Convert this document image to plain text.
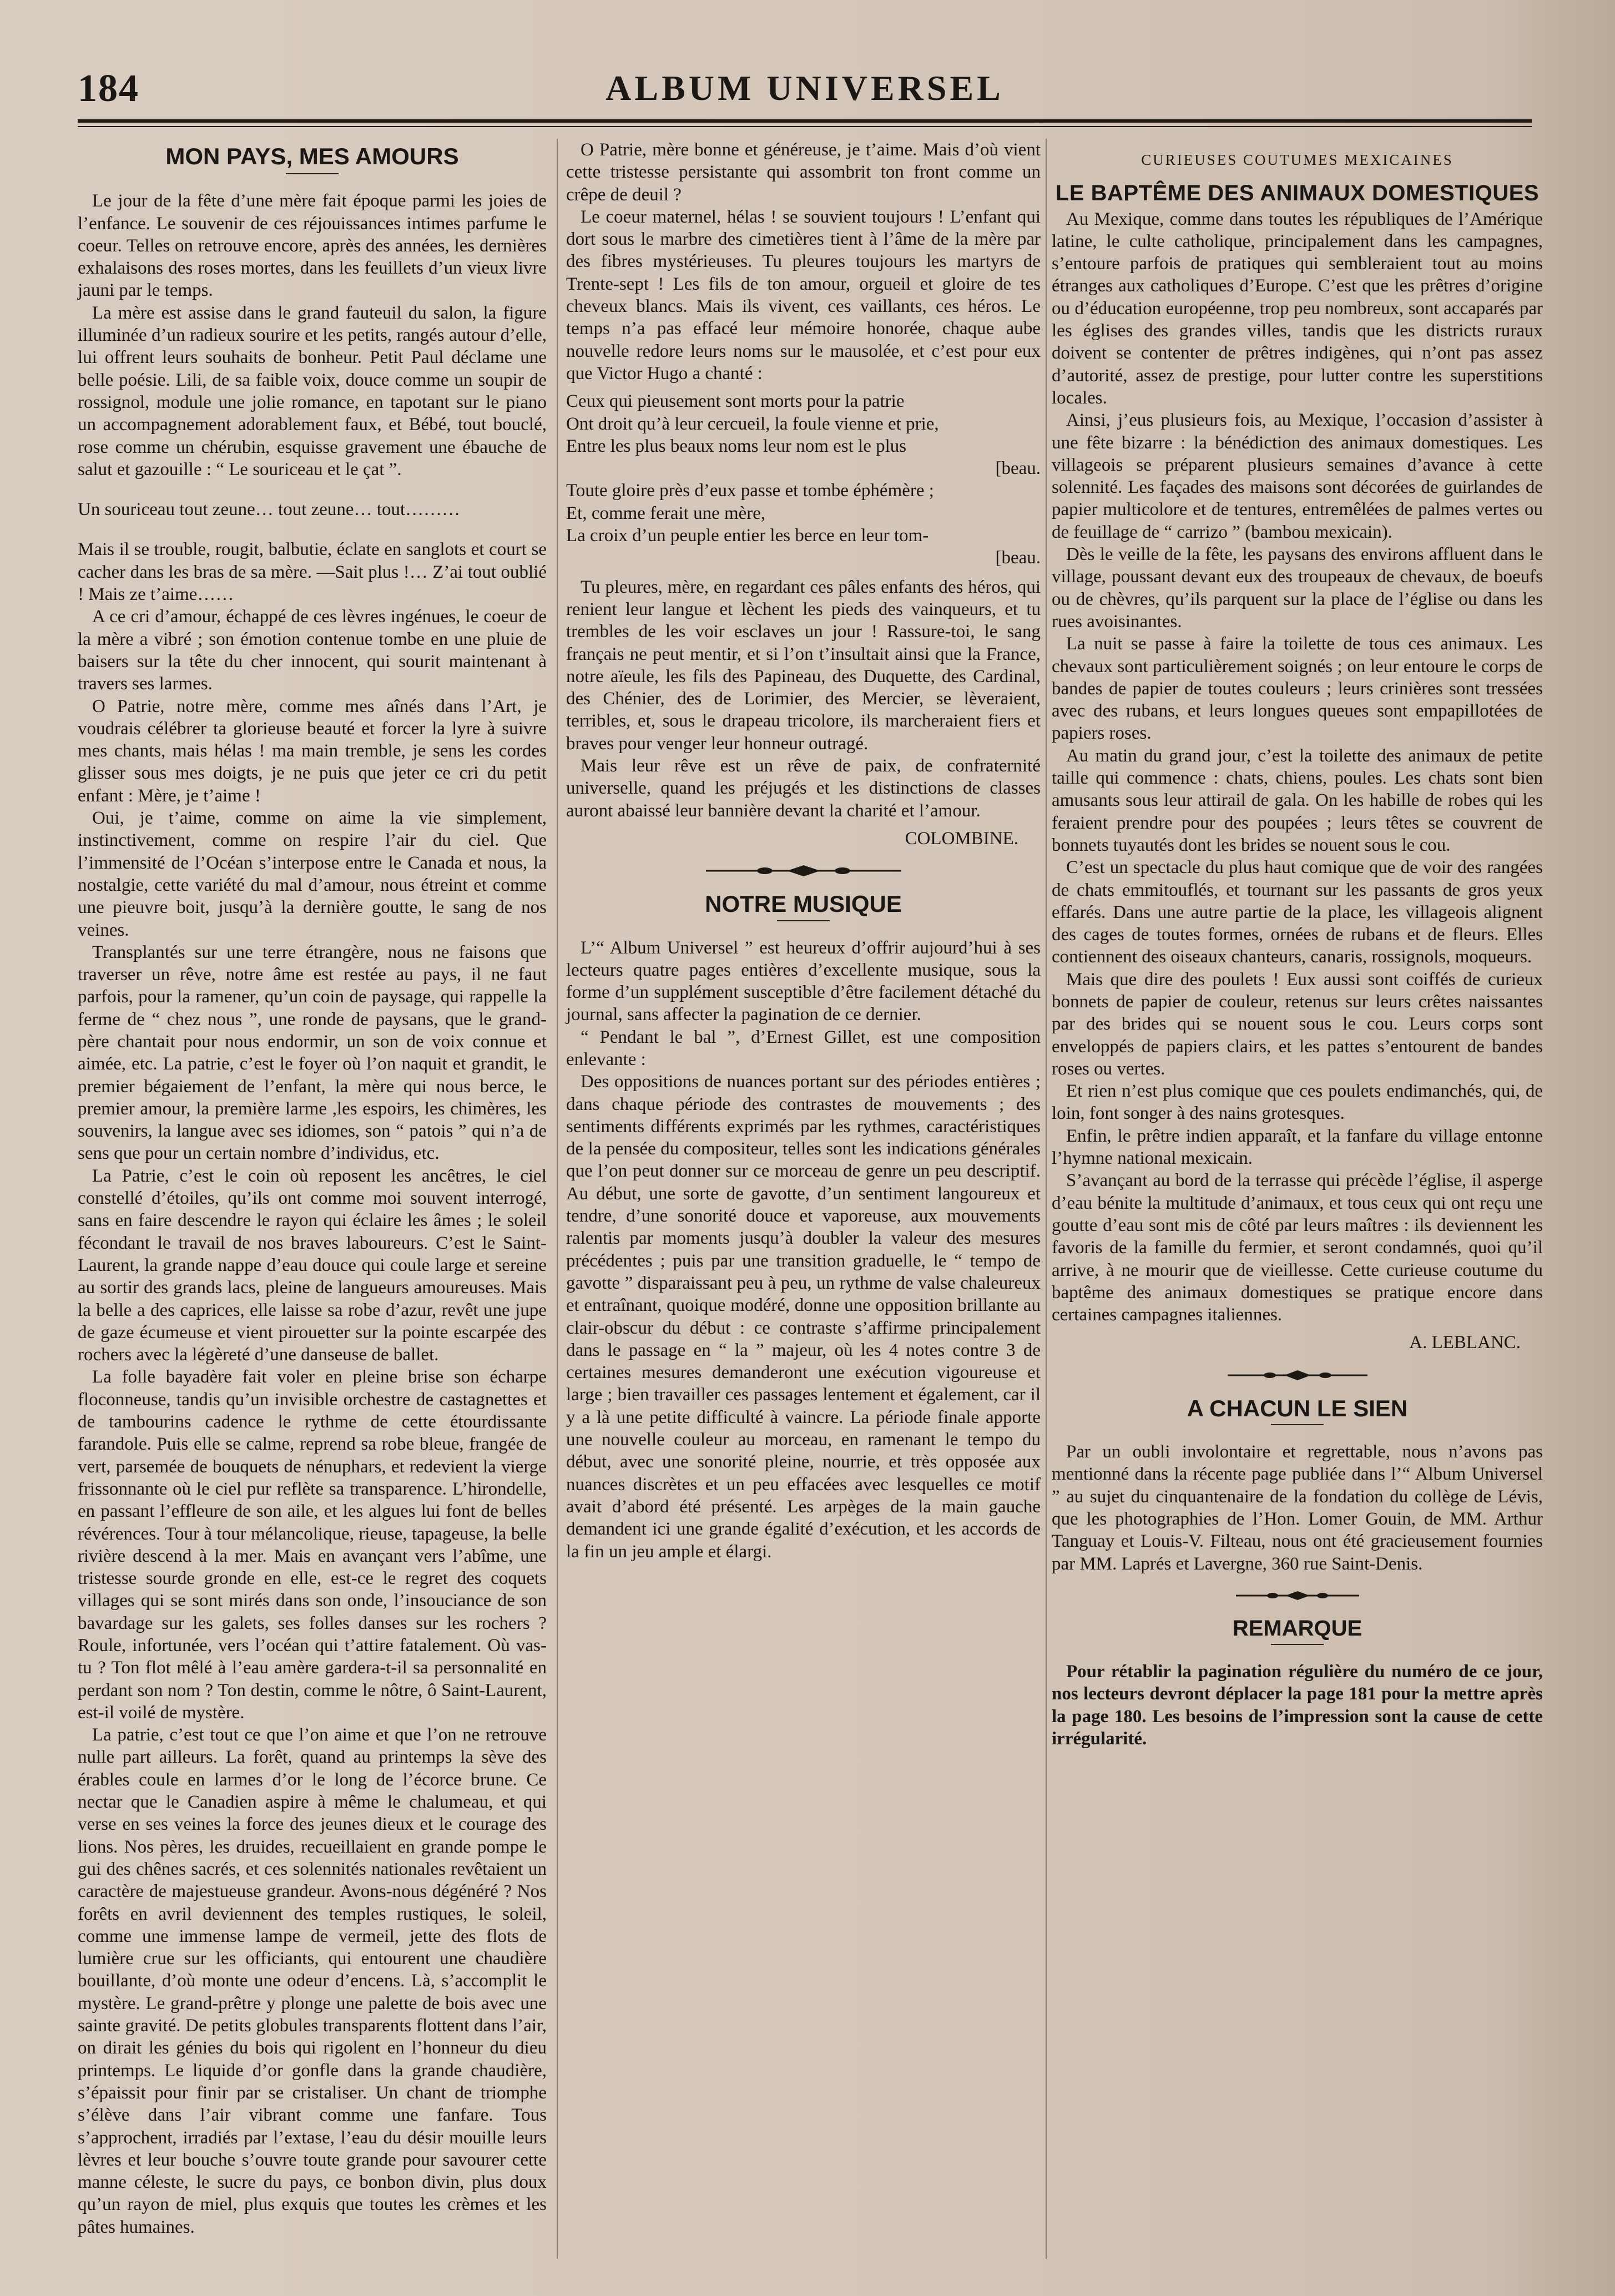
184	ALBUM UNIVERSEL
MON PAYS, MES AMOURS

Le jour de la fête d’une mère fait époque parmi les joies de l’enfance. Le souvenir de ces réjouissances intimes parfume le coeur. Telles on retrouve encore, après des années, les dernières exhalaisons des roses mortes, dans les feuillets d’un vieux livre jauni par le temps.

La mère est assise dans le grand fauteuil du salon, la figure illuminée d’un radieux sourire et les petits, rangés autour d’elle, lui offrent leurs souhaits de bonheur. Petit Paul déclame une belle poésie. Lili, de sa faible voix, douce comme un soupir de rossignol, module une jolie romance, en tapotant sur le piano un accompagnement adorablement faux, et Bébé, tout bouclé, rose comme un chérubin, esquisse gravement une ébauche de salut et gazouille : “ Le souriceau et le çat ”.

Un souriceau tout zeune… tout zeune… tout………

Mais il se trouble, rougit, balbutie, éclate en sanglots et court se cacher dans les bras de sa mère. —Sait plus !… Z’ai tout oublié ! Mais ze t’aime……

A ce cri d’amour, échappé de ces lèvres ingénues, le coeur de la mère a vibré ; son émotion contenue tombe en une pluie de baisers sur la tête du cher innocent, qui sourit maintenant à travers ses larmes.

O Patrie, notre mère, comme mes aînés dans l’Art, je voudrais célébrer ta glorieuse beauté et forcer la lyre à suivre mes chants, mais hélas ! ma main tremble, je sens les cordes glisser sous mes doigts, je ne puis que jeter ce cri du petit enfant : Mère, je t’aime !

Oui, je t’aime, comme on aime la vie simplement, instinctivement, comme on respire l’air du ciel. Que l’immensité de l’Océan s’interpose entre le Canada et nous, la nostalgie, cette variété du mal d’amour, nous étreint et comme une pieuvre boit, jusqu’à la dernière goutte, le sang de nos veines.

Transplantés sur une terre étrangère, nous ne faisons que traverser un rêve, notre âme est restée au pays, il ne faut parfois, pour la ramener, qu’un coin de paysage, qui rappelle la ferme de “ chez nous ”, une ronde de paysans, que le grand-père chantait pour nous endormir, un son de voix connue et aimée, etc. La patrie, c’est le foyer où l’on naquit et grandit, le premier bégaiement de l’enfant, la mère qui nous berce, le premier amour, la première larme ,les espoirs, les chimères, les souvenirs, la langue avec ses idiomes, son “ patois ” qui n’a de sens que pour un certain nombre d’individus, etc.

La Patrie, c’est le coin où reposent les ancêtres, le ciel constellé d’étoiles, qu’ils ont comme moi souvent interrogé, sans en faire descendre le rayon qui éclaire les âmes ; le soleil fécondant le travail de nos braves laboureurs. C’est le Saint-Laurent, la grande nappe d’eau douce qui coule large et sereine au sortir des grands lacs, pleine de langueurs amoureuses. Mais la belle a des caprices, elle laisse sa robe d’azur, revêt une jupe de gaze écumeuse et vient pirouetter sur la pointe escarpée des rochers avec la légèreté d’une danseuse de ballet.

La folle bayadère fait voler en pleine brise son écharpe floconneuse, tandis qu’un invisible orchestre de castagnettes et de tambourins cadence le rythme de cette étourdissante farandole. Puis elle se calme, reprend sa robe bleue, frangée de vert, parsemée de bouquets de nénuphars, et redevient la vierge frissonnante où le ciel pur reflète sa transparence. L’hirondelle, en passant l’effleure de son aile, et les algues lui font de belles révérences. Tour à tour mélancolique, rieuse, tapageuse, la belle rivière descend à la mer. Mais en avançant vers l’abîme, une tristesse sourde gronde en elle, est-ce le regret des coquets villages qui se sont mirés dans son onde, l’insouciance de son bavardage sur les galets, ses folles danses sur les rochers ? Roule, infortunée, vers l’océan qui t’attire fatalement. Où vas-tu ? Ton flot mêlé à l’eau amère gardera-t-il sa personnalité en perdant son nom ? Ton destin, comme le nôtre, ô Saint-Laurent, est-il voilé de mystère.

La patrie, c’est tout ce que l’on aime et que l’on ne retrouve nulle part ailleurs. La forêt, quand au printemps la sève des érables coule en larmes d’or le long de l’écorce brune. Ce nectar que le Canadien aspire à même le chalumeau, et qui verse en ses veines la force des jeunes dieux et le courage des lions. Nos pères, les druides, recueillaient en grande pompe le gui des chênes sacrés, et ces solennités nationales revêtaient un caractère de majestueuse grandeur. Avons-nous dégénéré ? Nos forêts en avril deviennent des temples rustiques, le soleil, comme une immense lampe de vermeil, jette des flots de lumière crue sur les officiants, qui entourent une chaudière bouillante, d’où monte une odeur d’encens. Là, s’accomplit le mystère. Le grand-prêtre y plonge une palette de bois avec une sainte gravité. De petits globules transparents flottent dans l’air, on dirait les génies du bois qui rigolent en l’honneur du dieu printemps. Le liquide d’or gonfle dans la grande chaudière, s’épaissit pour finir par se cristaliser. Un chant de triomphe s’élève dans l’air vibrant comme une fanfare. Tous s’approchent, irradiés par l’extase, l’eau du désir mouille leurs lèvres et leur bouche s’ouvre toute grande pour savourer cette manne céleste, le sucre du pays, ce bonbon divin, plus doux qu’un rayon de miel, plus exquis que toutes les crèmes et les pâtes humaines.

O Patrie, mère bonne et généreuse, je t’aime. Mais d’où vient cette tristesse persistante qui assombrit ton front comme un crêpe de deuil ?

Le coeur maternel, hélas ! se souvient toujours ! L’enfant qui dort sous le marbre des cimetières tient à l’âme de la mère par des fibres mystérieuses. Tu pleures toujours les martyrs de Trente-sept ! Les fils de ton amour, orgueil et gloire de tes cheveux blancs. Mais ils vivent, ces vaillants, ces héros. Le temps n’a pas effacé leur mémoire honorée, chaque aube nouvelle redore leurs noms sur le mausolée, et c’est pour eux que Victor Hugo a chanté :

Ceux qui pieusement sont morts pour la patrie
Ont droit qu’à leur cercueil, la foule vienne et prie,
Entre les plus beaux noms leur nom est le plus
[beau.
Toute gloire près d’eux passe et tombe éphémère ;
Et, comme ferait une mère,
La croix d’un peuple entier les berce en leur tom-
[beau.

Tu pleures, mère, en regardant ces pâles enfants des héros, qui renient leur langue et lèchent les pieds des vainqueurs, et tu trembles de les voir esclaves un jour ! Rassure-toi, le sang français ne peut mentir, et si l’on t’insultait ainsi que la France, notre aïeule, les fils des Papineau, des Duquette, des Cardinal, des Chénier, des de Lorimier, des Mercier, se lèveraient, terribles, et, sous le drapeau tricolore, ils marcheraient fiers et braves pour venger leur honneur outragé.

Mais leur rêve est un rêve de paix, de confraternité universelle, quand les préjugés et les distinctions de classes auront abaissé leur bannière devant la charité et l’amour.

COLOMBINE.
NOTRE MUSIQUE

L’“ Album Universel ” est heureux d’offrir aujourd’hui à ses lecteurs quatre pages entières d’excellente musique, sous la forme d’un supplément susceptible d’être facilement détaché du journal, sans affecter la pagination de ce dernier.

“ Pendant le bal ”, d’Ernest Gillet, est une composition enlevante :

Des oppositions de nuances portant sur des périodes entières ; dans chaque période des contrastes de mouvements ; des sentiments différents exprimés par les rythmes, caractéristiques de la pensée du compositeur, telles sont les indications générales que l’on peut donner sur ce morceau de genre un peu descriptif. Au début, une sorte de gavotte, d’un sentiment langoureux et tendre, d’une sonorité douce et vaporeuse, aux mouvements ralentis par moments jusqu’à doubler la valeur des mesures précédentes ; puis par une transition graduelle, le “ tempo de gavotte ” disparaissant peu à peu, un rythme de valse chaleureux et entraînant, quoique modéré, donne une opposition brillante au clair-obscur du début : ce contraste s’affirme principalement dans le passage en “ la ” majeur, où les 4 notes contre 3 de certaines mesures demanderont une exécution vigoureuse et large ; bien travailler ces passages lentement et également, car il y a là une petite difficulté à vaincre. La période finale apporte une nouvelle couleur au morceau, en ramenant le tempo du début, avec une sonorité pleine, nourrie, et très opposée aux nuances discrètes et un peu effacées avec lesquelles ce motif avait d’abord été présenté. Les arpèges de la main gauche demandent ici une grande égalité d’exécution, et les accords de la fin un jeu ample et élargi.

CURIEUSES COUTUMES MEXICAINES
LE BAPTÊME DES ANIMAUX DOMESTIQUES

Au Mexique, comme dans toutes les républiques de l’Amérique latine, le culte catholique, principalement dans les campagnes, s’entoure parfois de pratiques qui sembleraient tout au moins étranges aux catholiques d’Europe. C’est que les prêtres d’origine ou d’éducation européenne, trop peu nombreux, sont accaparés par les églises des grandes villes, tandis que les districts ruraux doivent se contenter de prêtres indigènes, qui n’ont pas assez d’autorité, assez de prestige, pour lutter contre les superstitions locales.

Ainsi, j’eus plusieurs fois, au Mexique, l’occasion d’assister à une fête bizarre : la bénédiction des animaux domestiques. Les villageois se préparent plusieurs semaines d’avance à cette solennité. Les façades des maisons sont décorées de guirlandes de papier multicolore et de tentures, entremêlées de palmes vertes ou de feuillage de “ carrizo ” (bambou mexicain).

Dès le veille de la fête, les paysans des environs affluent dans le village, poussant devant eux des troupeaux de chevaux, de boeufs ou de chèvres, qu’ils parquent sur la place de l’église ou dans les rues avoisinantes.

La nuit se passe à faire la toilette de tous ces animaux. Les chevaux sont particulièrement soignés ; on leur entoure le corps de bandes de papier de toutes couleurs ; leurs crinières sont tressées avec des rubans, et leurs longues queues sont empapillotées de papiers roses.

Au matin du grand jour, c’est la toilette des animaux de petite taille qui commence : chats, chiens, poules. Les chats sont bien amusants sous leur attirail de gala. On les habille de robes qui les feraient prendre pour des poupées ; leurs têtes se couvrent de bonnets tuyautés dont les brides se nouent sous le cou.

C’est un spectacle du plus haut comique que de voir des rangées de chats emmitouflés, et tournant sur les passants de gros yeux effarés. Dans une autre partie de la place, les villageois alignent des cages de toutes formes, ornées de rubans et de fleurs. Elles contiennent des oiseaux chanteurs, canaris, rossignols, moqueurs.

Mais que dire des poulets ! Eux aussi sont coiffés de curieux bonnets de papier de couleur, retenus sur leurs crêtes naissantes par des brides qui se nouent sous le cou. Leurs corps sont enveloppés de papiers clairs, et les pattes s’entourent de bandes roses ou vertes.

Et rien n’est plus comique que ces poulets endimanchés, qui, de loin, font songer à des nains grotesques.

Enfin, le prêtre indien apparaît, et la fanfare du village entonne l’hymne national mexicain.

S’avançant au bord de la terrasse qui précède l’église, il asperge d’eau bénite la multitude d’animaux, et tous ceux qui ont reçu une goutte d’eau sont mis de côté par leurs maîtres : ils deviennent les favoris de la famille du fermier, et seront condamnés, quoi qu’il arrive, à ne mourir que de vieillesse. Cette curieuse coutume du baptême des animaux domestiques se pratique encore dans certaines campagnes italiennes.

A. LEBLANC.
A CHACUN LE SIEN

Par un oubli involontaire et regrettable, nous n’avons pas mentionné dans la récente page publiée dans l’“ Album Universel ” au sujet du cinquantenaire de la fondation du collège de Lévis, que les photographies de l’Hon. Lomer Gouin, de MM. Arthur Tanguay et Louis-V. Filteau, nous ont été gracieusement fournies par MM. Laprés et Lavergne, 360 rue Saint-Denis.

REMARQUE

Pour rétablir la pagination régulière du numéro de ce jour, nos lecteurs devront déplacer la page 181 pour la mettre après la page 180. Les besoins de l’impression sont la cause de cette irrégularité.
